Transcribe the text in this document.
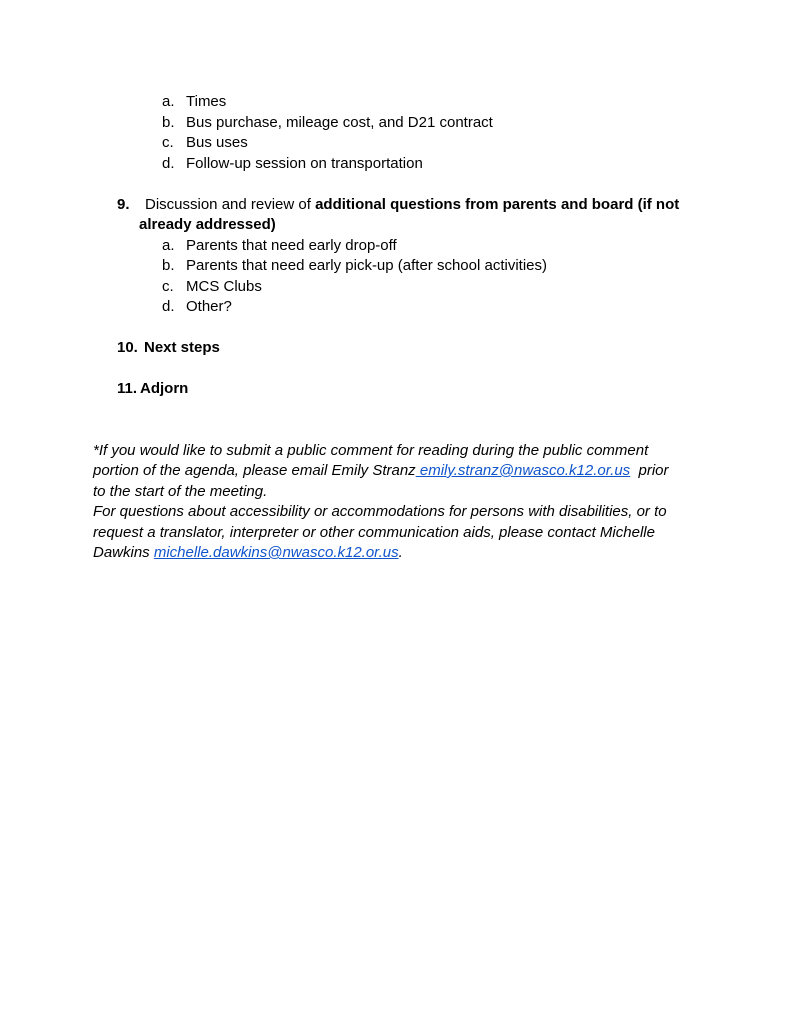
a. Times
b. Bus purchase, mileage cost, and D21 contract
c. Bus uses
d. Follow-up session on transportation
9. Discussion and review of additional questions from parents and board (if not
already addressed)
a. Parents that need early drop-off
b. Parents that need early pick-up (after school activities)
c. MCS Clubs
d. Other?
10. Next steps
11. Adjorn
*If you would like to submit a public comment for reading during the public comment
portion of the agenda, please email Emily Stranz emily.stranz@nwasco.k12.or.us  prior
to the start of the meeting.
For questions about accessibility or accommodations for persons with disabilities, or to
request a translator, interpreter or other communication aids, please contact Michelle
Dawkins michelle.dawkins@nwasco.k12.or.us.
